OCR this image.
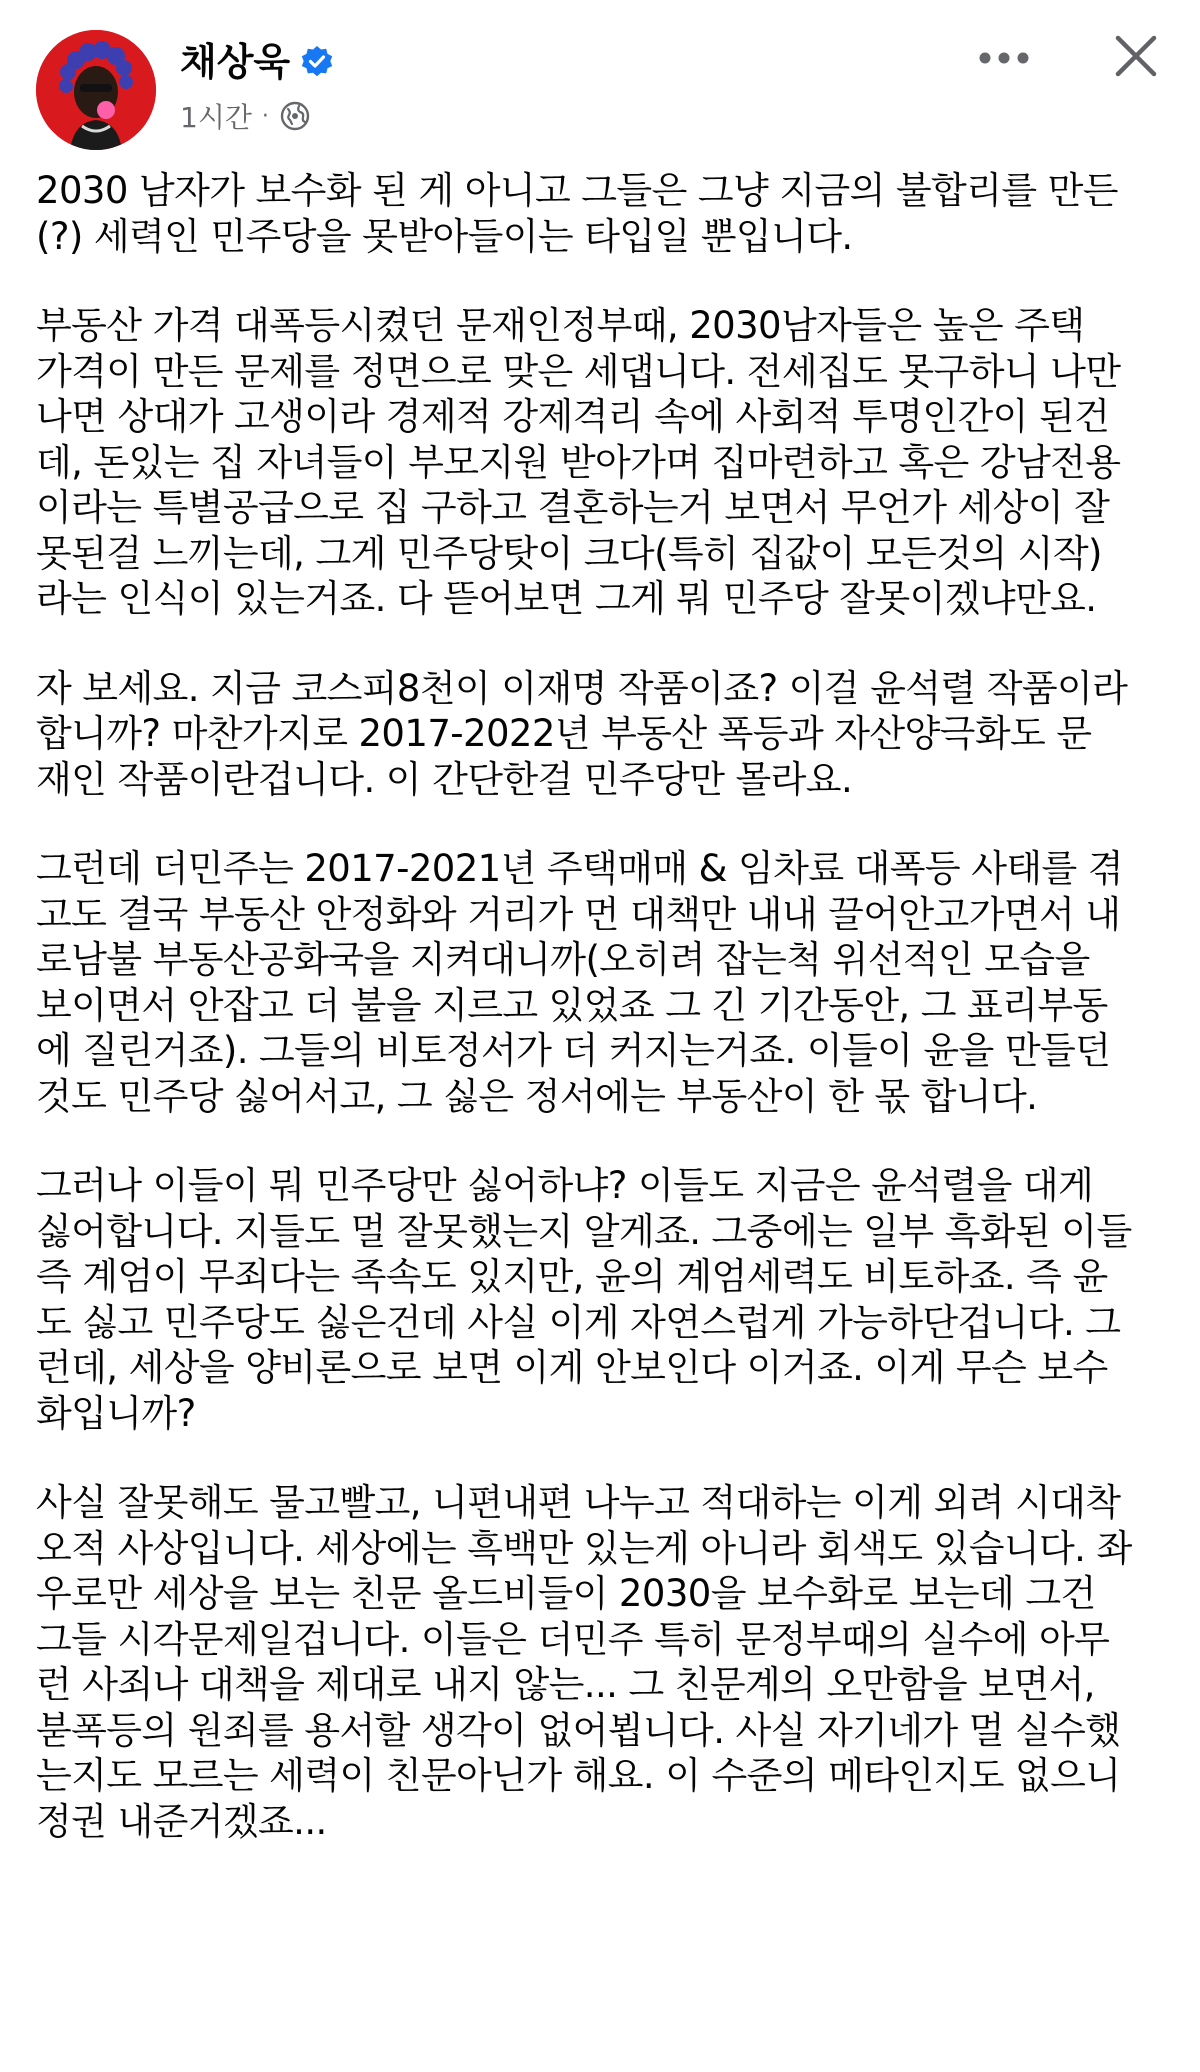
채상욱
1시간 ·

2030 남자가 보수화 된 게 아니고 그들은 그냥 지금의 불합리를 만든
(?) 세력인 민주당을 못받아들이는 타입일 뿐입니다.

부동산 가격 대폭등시켰던 문재인정부때, 2030남자들은 높은 주택
가격이 만든 문제를 정면으로 맞은 세댑니다. 전세집도 못구하니 나만
나면 상대가 고생이라 경제적 강제격리 속에 사회적 투명인간이 된건
데, 돈있는 집 자녀들이 부모지원 받아가며 집마련하고 혹은 강남전용
이라는 특별공급으로 집 구하고 결혼하는거 보면서 무언가 세상이 잘
못된걸 느끼는데, 그게 민주당탓이 크다(특히 집값이 모든것의 시작)
라는 인식이 있는거죠. 다 뜯어보면 그게 뭐 민주당 잘못이겠냐만요.

자 보세요. 지금 코스피8천이 이재명 작품이죠? 이걸 윤석렬 작품이라
합니까? 마찬가지로 2017-2022년 부동산 폭등과 자산양극화도 문
재인 작품이란겁니다. 이 간단한걸 민주당만 몰라요.

그런데 더민주는 2017-2021년 주택매매 & 임차료 대폭등 사태를 겪
고도 결국 부동산 안정화와 거리가 먼 대책만 내내 끌어안고가면서 내
로남불 부동산공화국을 지켜대니까(오히려 잡는척 위선적인 모습을
보이면서 안잡고 더 불을 지르고 있었죠 그 긴 기간동안, 그 표리부동
에 질린거죠). 그들의 비토정서가 더 커지는거죠. 이들이 윤을 만들던
것도 민주당 싫어서고, 그 싫은 정서에는 부동산이 한 몫 합니다.

그러나 이들이 뭐 민주당만 싫어하냐? 이들도 지금은 윤석렬을 대게
싫어합니다. 지들도 멀 잘못했는지 알게죠. 그중에는 일부 흑화된 이들
즉 계엄이 무죄다는 족속도 있지만, 윤의 계엄세력도 비토하죠. 즉 윤
도 싫고 민주당도 싫은건데 사실 이게 자연스럽게 가능하단겁니다. 그
런데, 세상을 양비론으로 보면 이게 안보인다 이거죠. 이게 무슨 보수
화입니까?

사실 잘못해도 물고빨고, 니편내편 나누고 적대하는 이게 외려 시대착
오적 사상입니다. 세상에는 흑백만 있는게 아니라 회색도 있습니다. 좌
우로만 세상을 보는 친문 올드비들이 2030을 보수화로 보는데 그건
그들 시각문제일겁니다. 이들은 더민주 특히 문정부때의 실수에 아무
런 사죄나 대책을 제대로 내지 않는... 그 친문계의 오만함을 보면서,
붇폭등의 원죄를 용서할 생각이 없어뵙니다. 사실 자기네가 멀 실수했
는지도 모르는 세력이 친문아닌가 해요. 이 수준의 메타인지도 없으니
정권 내준거겠죠...
